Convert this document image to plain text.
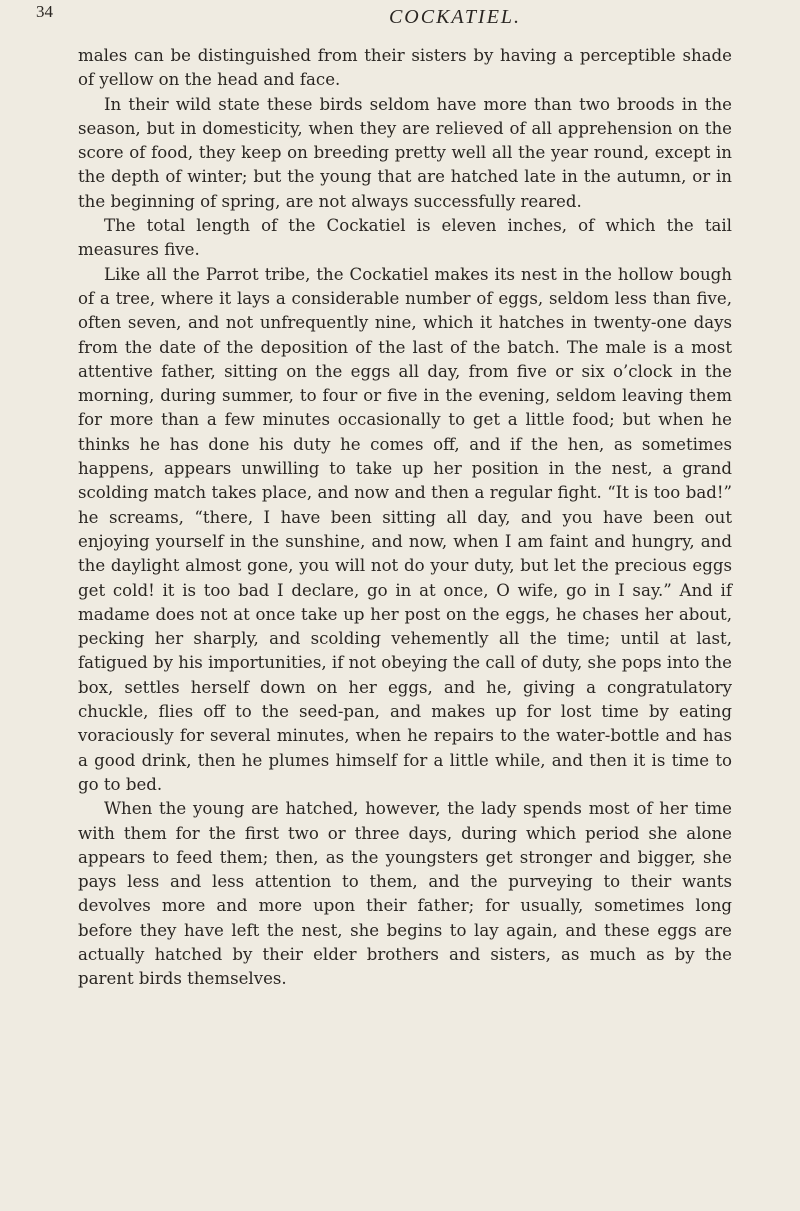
34	COCKATIEL.

males can be distinguished from their sisters by having a perceptible shade of yellow on the head and face.

In their wild state these birds seldom have more than two broods in the season, but in domesticity, when they are relieved of all apprehension on the score of food, they keep on breeding pretty well all the year round, except in the depth of winter; but the young that are hatched late in the autumn, or in the beginning of spring, are not always successfully reared.

The total length of the Cockatiel is eleven inches, of which the tail measures five.

Like all the Parrot tribe, the Cockatiel makes its nest in the hollow bough of a tree, where it lays a considerable number of eggs, seldom less than five, often seven, and not unfrequently nine, which it hatches in twenty-one days from the date of the deposition of the last of the batch. The male is a most attentive father, sitting on the eggs all day, from five or six o’clock in the morning, during summer, to four or five in the evening, seldom leaving them for more than a few minutes occasionally to get a little food; but when he thinks he has done his duty he comes off, and if the hen, as sometimes happens, appears unwilling to take up her position in the nest, a grand scolding match takes place, and now and then a regular fight. “It is too bad!” he screams, “there, I have been sitting all day, and you have been out enjoying yourself in the sunshine, and now, when I am faint and hungry, and the daylight almost gone, you will not do your duty, but let the precious eggs get cold! it is too bad I declare, go in at once, O wife, go in I say.” And if madame does not at once take up her post on the eggs, he chases her about, pecking her sharply, and scolding vehemently all the time; until at last, fatigued by his importunities, if not obeying the call of duty, she pops into the box, settles herself down on her eggs, and he, giving a congratulatory chuckle, flies off to the seed-pan, and makes up for lost time by eating voraciously for several minutes, when he repairs to the water-bottle and has a good drink, then he plumes himself for a little while, and then it is time to go to bed.

When the young are hatched, however, the lady spends most of her time with them for the first two or three days, during which period she alone appears to feed them; then, as the youngsters get stronger and bigger, she pays less and less attention to them, and the purveying to their wants devolves more and more upon their father; for usually, sometimes long before they have left the nest, she begins to lay again, and these eggs are actually hatched by their elder brothers and sisters, as much as by the parent birds themselves.
